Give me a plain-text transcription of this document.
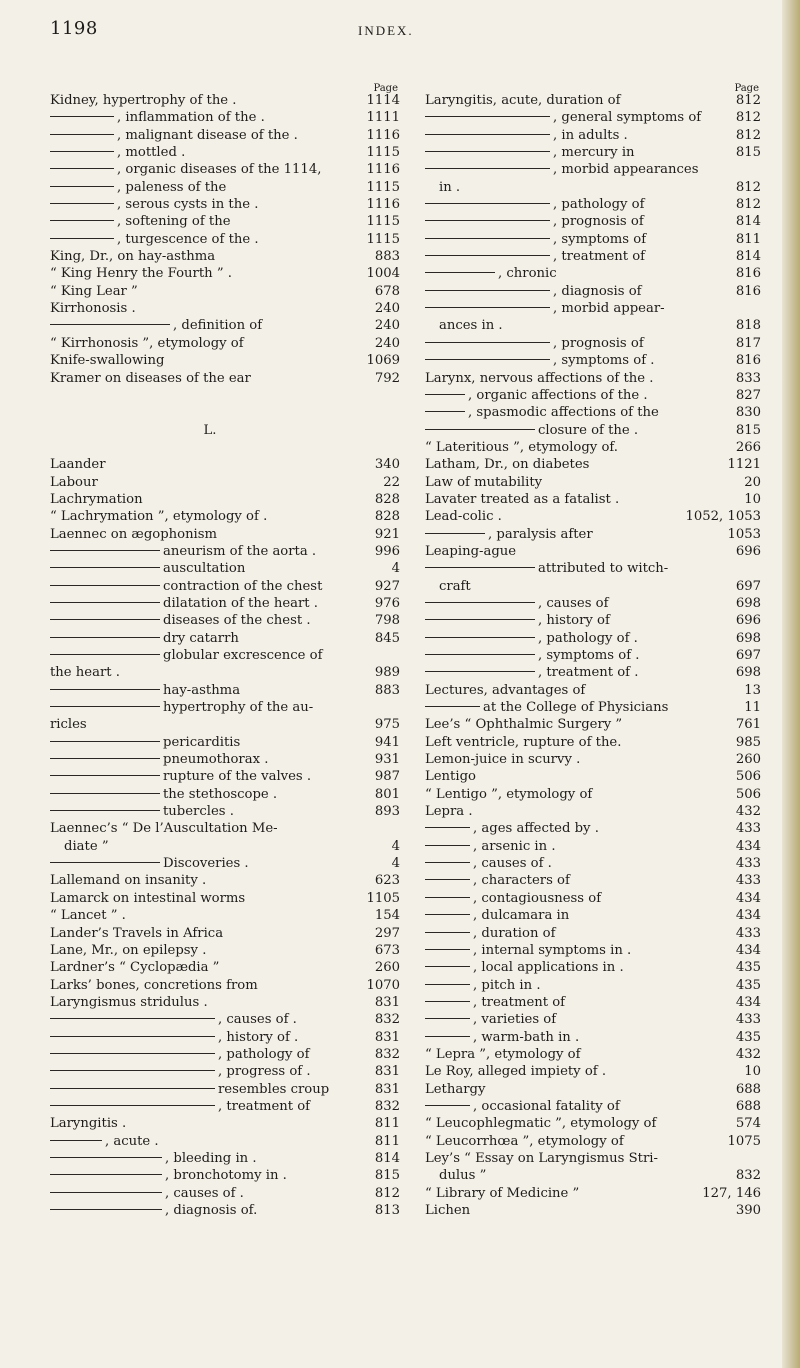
1198	INDEX.
Page
Kidney, hypertrophy of the .	1114
, inflammation of the .	1111
, malignant disease of the .	1116
, mottled .	1115
, organic diseases of the 1114,	1116
, paleness of the	1115
, serous cysts in the .	1116
, softening of the	1115
, turgescence of the .	1115
King, Dr., on hay-asthma	883
“ King Henry the Fourth ” .	1004
“ King Lear ”	678
Kirrhonosis .	240
, definition of	240
“ Kirrhonosis ”, etymology of	240
Knife-swallowing	1069
Kramer on diseases of the ear	792
L.
Laander	340
Labour	22
Lachrymation	828
“ Lachrymation ”, etymology of .	828
Laennec on ægophonism	921
aneurism of the aorta .	996
auscultation	4
contraction of the chest	927
dilatation of the heart .	976
diseases of the chest .	798
dry catarrh	845
globular excrescence of
the heart .	989
hay-asthma	883
hypertrophy of the au-
ricles	975
pericarditis	941
pneumothorax .	931
rupture of the valves .	987
the stethoscope .	801
tubercles .	893
Laennec’s “ De l’Auscultation Me-
diate ”	4
Discoveries .	4
Lallemand on insanity .	623
Lamarck on intestinal worms	1105
“ Lancet ” .	154
Lander’s Travels in Africa	297
Lane, Mr., on epilepsy .	673
Lardner’s “ Cyclopædia ”	260
Larks’ bones, concretions from	1070
Laryngismus stridulus .	831
, causes of .	832
, history of .	831
, pathology of	832
, progress of .	831
resembles croup	831
, treatment of	832
Laryngitis .	811
, acute .	811
, bleeding in .	814
, bronchotomy in .	815
, causes of .	812
, diagnosis of.	813
Page
Laryngitis, acute, duration of	812
, general symptoms of	812
, in adults .	812
, mercury in	815
, morbid appearances
in .	812
, pathology of	812
, prognosis of	814
, symptoms of	811
, treatment of	814
, chronic	816
, diagnosis of	816
, morbid appear-
ances in .	818
, prognosis of	817
, symptoms of .	816
Larynx, nervous affections of the .	833
, organic affections of the .	827
, spasmodic affections of the	830
closure of the .	815
“ Lateritious ”, etymology of.	266
Latham, Dr., on diabetes	1121
Law of mutability	20
Lavater treated as a fatalist .	10
Lead-colic .	1052, 1053
, paralysis after	1053
Leaping-ague	696
attributed to witch-
craft	697
, causes of	698
, history of	696
, pathology of .	698
, symptoms of .	697
, treatment of .	698
Lectures, advantages of	13
at the College of Physicians	11
Lee’s “ Ophthalmic Surgery ”	761
Left ventricle, rupture of the.	985
Lemon-juice in scurvy .	260
Lentigo	506
“ Lentigo ”, etymology of	506
Lepra .	432
, ages affected by .	433
, arsenic in .	434
, causes of .	433
, characters of	433
, contagiousness of	434
, dulcamara in	434
, duration of	433
, internal symptoms in .	434
, local applications in .	435
, pitch in .	435
, treatment of	434
, varieties of	433
, warm-bath in .	435
“ Lepra ”, etymology of	432
Le Roy, alleged impiety of .	10
Lethargy	688
, occasional fatality of	688
“ Leucophlegmatic ”, etymology of	574
“ Leucorrhœa ”, etymology of	1075
Ley’s “ Essay on Laryngismus Stri-
dulus ”	832
“ Library of Medicine ”	127, 146
Lichen	390
